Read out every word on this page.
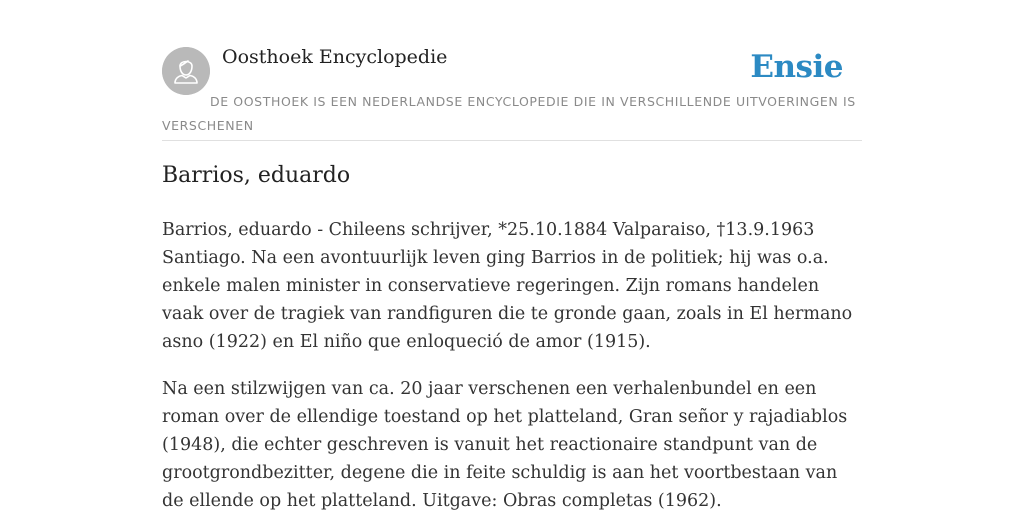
Oosthoek Encyclopedie	Ensie
DE OOSTHOEK IS EEN NEDERLANDSE ENCYCLOPEDIE DIE IN VERSCHILLENDE UITVOERINGEN IS VERSCHENEN
Barrios, eduardo

Barrios, eduardo - Chileens schrijver, *25.10.1884 Valparaiso, †13.9.1963 Santiago. Na een avontuurlijk leven ging Barrios in de politiek; hij was o.a. enkele malen minister in conservatieve regeringen. Zijn romans handelen vaak over de tragiek van randfiguren die te gronde gaan, zoals in El hermano asno (1922) en El niño que enloqueció de amor (1915).

Na een stilzwijgen van ca. 20 jaar verschenen een verhalenbundel en een roman over de ellendige toestand op het platteland, Gran señor y rajadiablos (1948), die echter geschreven is vanuit het reactionaire standpunt van de grootgrondbezitter, degene die in feite schuldig is aan het voortbestaan van de ellende op het platteland. Uitgave: Obras completas (1962).
